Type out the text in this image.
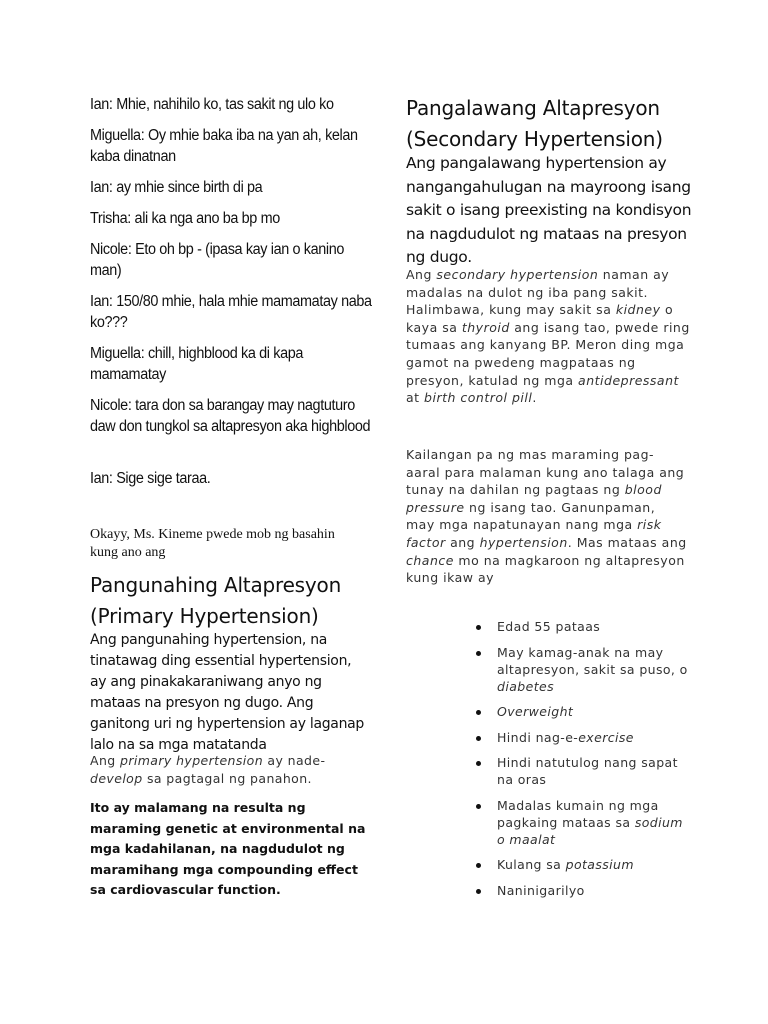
Ian: Mhie, nahihilo ko, tas sakit ng ulo ko

Miguella: Oy mhie baka iba na yan ah, kelan kaba dinatnan

Ian: ay mhie since birth di pa

Trisha: ali ka nga ano ba bp mo

Nicole: Eto oh bp - (ipasa kay ian o kanino man)

Ian: 150/80 mhie, hala mhie mamamatay naba ko???

Miguella: chill, highblood ka di kapa mamamatay

Nicole: tara don sa barangay may nagtuturo daw don tungkol sa altapresyon aka highblood

Ian: Sige sige taraa.

Okayy, Ms. Kineme pwede mob ng basahin kung ano ang

Pangunahing Altapresyon
(Primary Hypertension)

Ang pangunahing hypertension, na tinatawag ding essential hypertension, ay ang pinakakaraniwang anyo ng mataas na presyon ng dugo. Ang ganitong uri ng hypertension ay laganap lalo na sa mga matatanda

Ang primary hypertension ay nade-develop sa pagtagal ng panahon.

Ito ay malamang na resulta ng maraming genetic at environmental na mga kadahilanan, na nagdudulot ng maramihang mga compounding effect sa cardiovascular function.

Pangalawang Altapresyon
(Secondary Hypertension)

Ang pangalawang hypertension ay nangangahulugan na mayroong isang sakit o isang preexisting na kondisyon na nagdudulot ng mataas na presyon ng dugo.

Ang secondary hypertension naman ay madalas na dulot ng iba pang sakit. Halimbawa, kung may sakit sa kidney o kaya sa thyroid ang isang tao, pwede ring tumaas ang kanyang BP. Meron ding mga gamot na pwedeng magpataas ng presyon, katulad ng mga antidepressant at birth control pill.

Kailangan pa ng mas maraming pag-aaral para malaman kung ano talaga ang tunay na dahilan ng pagtaas ng blood pressure ng isang tao. Ganunpaman, may mga napatunayan nang mga risk factor ang hypertension. Mas mataas ang chance mo na magkaroon ng altapresyon kung ikaw ay

Edad 55 pataas
May kamag-anak na may altapresyon, sakit sa puso, o diabetes
Overweight
Hindi nag-e-exercise
Hindi natutulog nang sapat na oras
Madalas kumain ng mga pagkaing mataas sa sodium o maalat
Kulang sa potassium
Naninigarilyo
